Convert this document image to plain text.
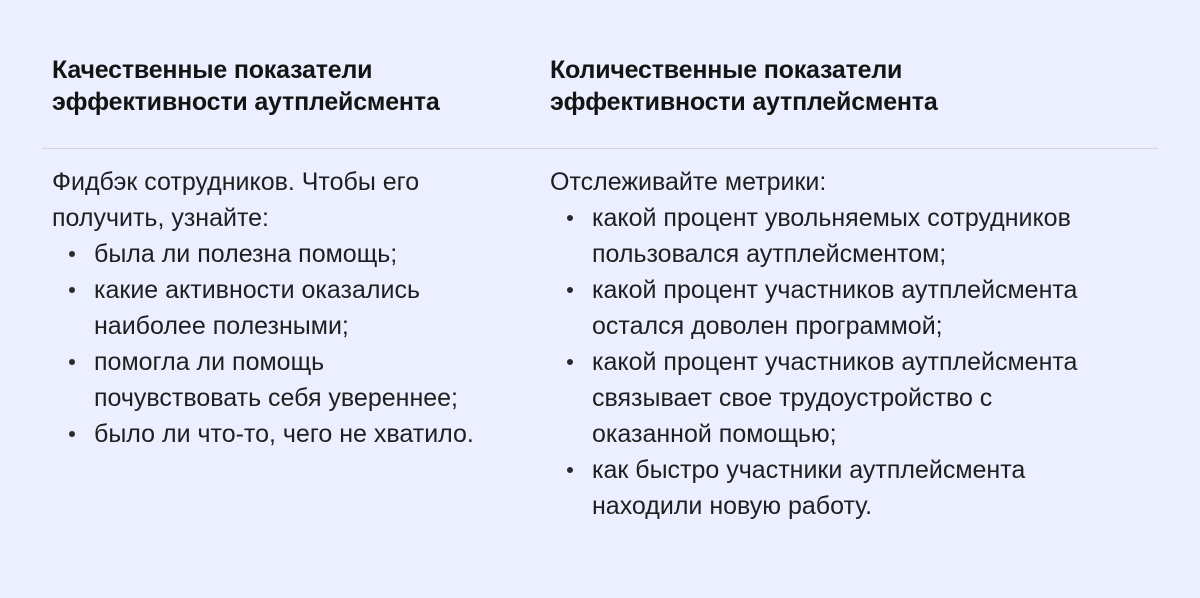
Качественные показатели
эффективности аутплейсмента
Количественные показатели
эффективности аутплейсмента

Фидбэк сотрудников. Чтобы его
получить, узнайте:

была ли полезна помощь;
какие активности оказались
наиболее полезными;
помогла ли помощь
почувствовать себя увереннее;
было ли что-то, чего не хватило.

Отслеживайте метрики:

какой процент увольняемых сотрудников
пользовался аутплейсментом;
какой процент участников аутплейсмента
остался доволен программой;
какой процент участников аутплейсмента
связывает свое трудоустройство с
оказанной помощью;
как быстро участники аутплейсмента
находили новую работу.
